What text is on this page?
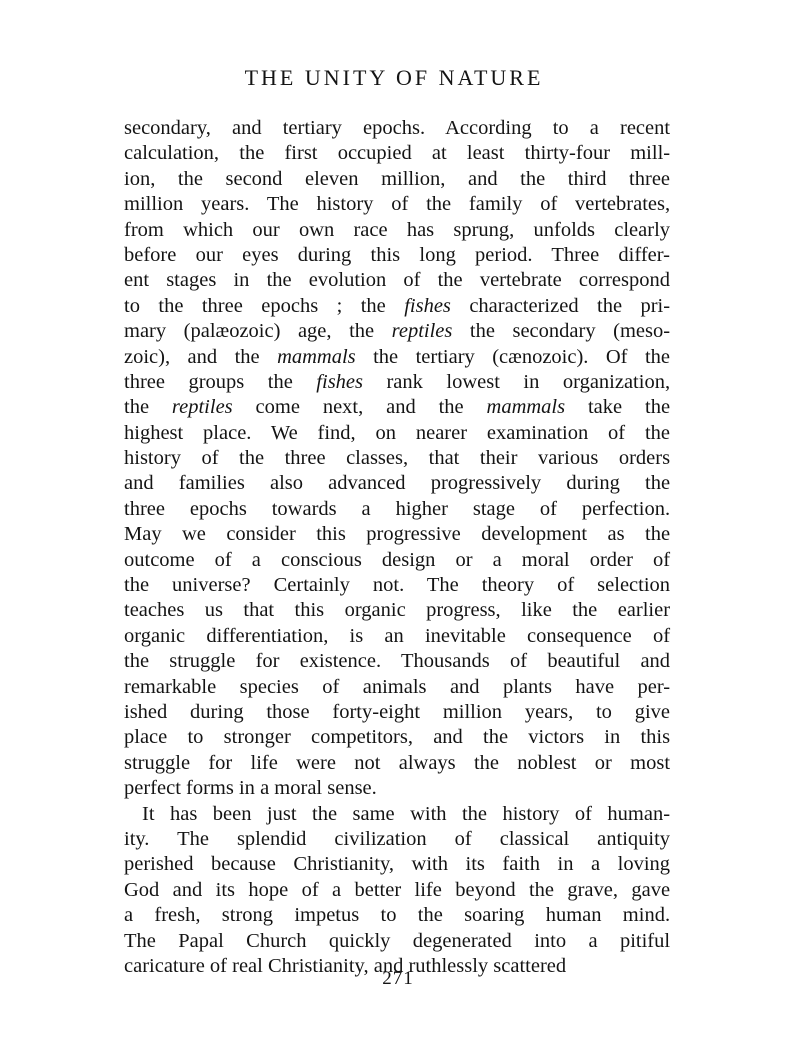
THE UNITY OF NATURE
secondary, and tertiary epochs. According to a recent
calculation, the first occupied at least thirty-four mill-
ion, the second eleven million, and the third three
million years. The history of the family of vertebrates,
from which our own race has sprung, unfolds clearly
before our eyes during this long period. Three differ-
ent stages in the evolution of the vertebrate correspond
to the three epochs ; the fishes characterized the pri-
mary (palæozoic) age, the reptiles the secondary (meso-
zoic), and the mammals the tertiary (cænozoic). Of the
three groups the fishes rank lowest in organization,
the reptiles come next, and the mammals take the
highest place. We find, on nearer examination of the
history of the three classes, that their various orders
and families also advanced progressively during the
three epochs towards a higher stage of perfection.
May we consider this progressive development as the
outcome of a conscious design or a moral order of
the universe? Certainly not. The theory of selection
teaches us that this organic progress, like the earlier
organic differentiation, is an inevitable consequence of
the struggle for existence. Thousands of beautiful and
remarkable species of animals and plants have per-
ished during those forty-eight million years, to give
place to stronger competitors, and the victors in this
struggle for life were not always the noblest or most
perfect forms in a moral sense.
It has been just the same with the history of human-
ity. The splendid civilization of classical antiquity
perished because Christianity, with its faith in a loving
God and its hope of a better life beyond the grave, gave
a fresh, strong impetus to the soaring human mind.
The Papal Church quickly degenerated into a pitiful
caricature of real Christianity, and ruthlessly scattered
271
